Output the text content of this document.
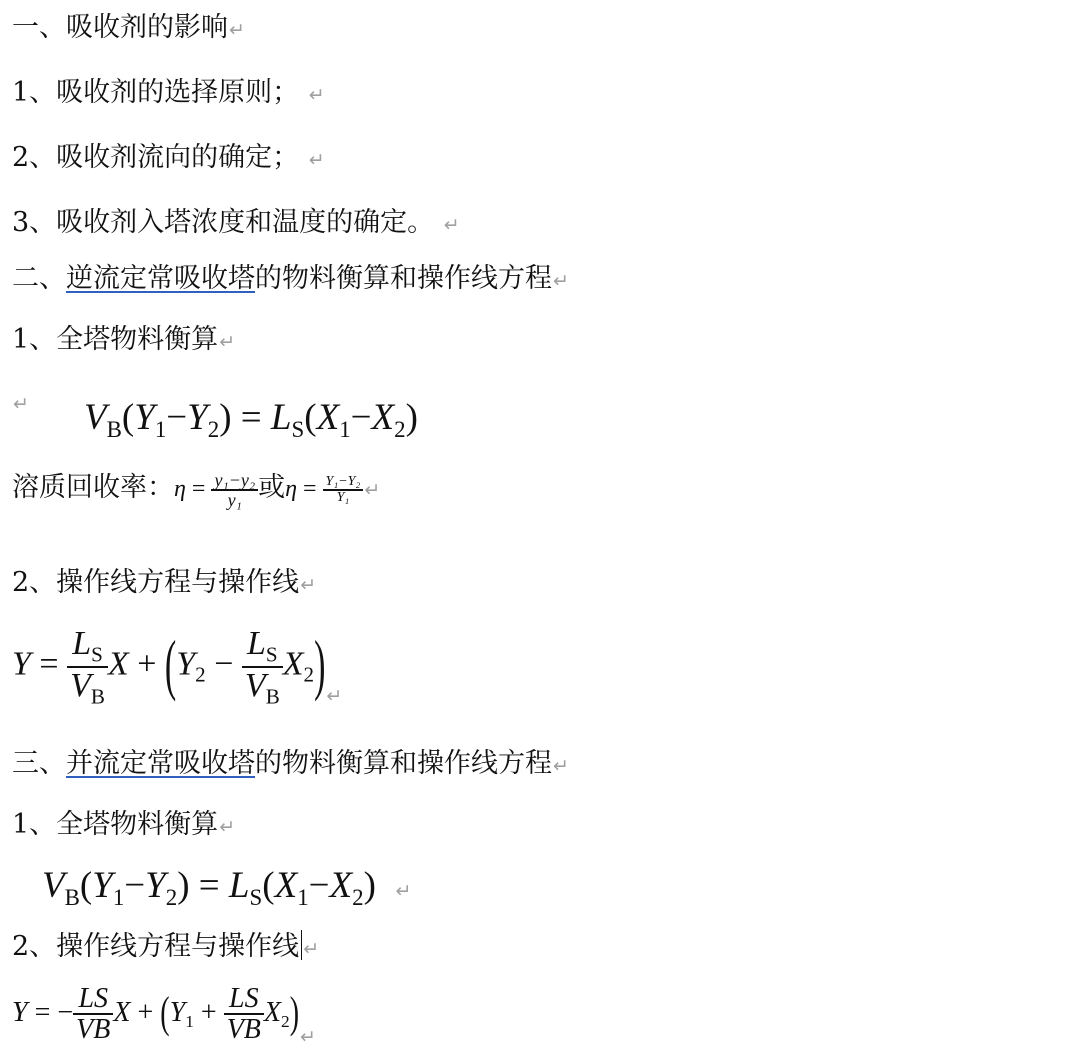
一、吸收剂的影响↵
1、吸收剂的选择原则； ↵
2、吸收剂流向的确定； ↵
3、吸收剂入塔浓度和温度的确定。 ↵
二、逆流定常吸收塔的物料衡算和操作线方程↵
1、全塔物料衡算↵
↵ $V_B(Y_1-Y_2) = L_S(X_1-X_2)$
溶质回收率：$\eta = \frac{\text{y₁−y₂}}{\text{y₁}}$ 或$\eta = \frac{\text{Y₁−Y₂}}{\text{Y₁}}$ ↵
2、操作线方程与操作线↵
$Y = \frac{L_S}{V_B}$ $X + (Y_2 - \frac{L_S}{V_B} X_2)_↵$
三、并流定常吸收塔的物料衡算和操作线方程↵
1、全塔物料衡算↵
$V_B(Y_1-Y_2) = L_S(X_1-X_2)$ ↵
2、操作线方程与操作线 ↵
Y = − $\frac{LS}{VB}$ $X + (Y_1 + \frac{LS}{VB} X_2)_↵$
